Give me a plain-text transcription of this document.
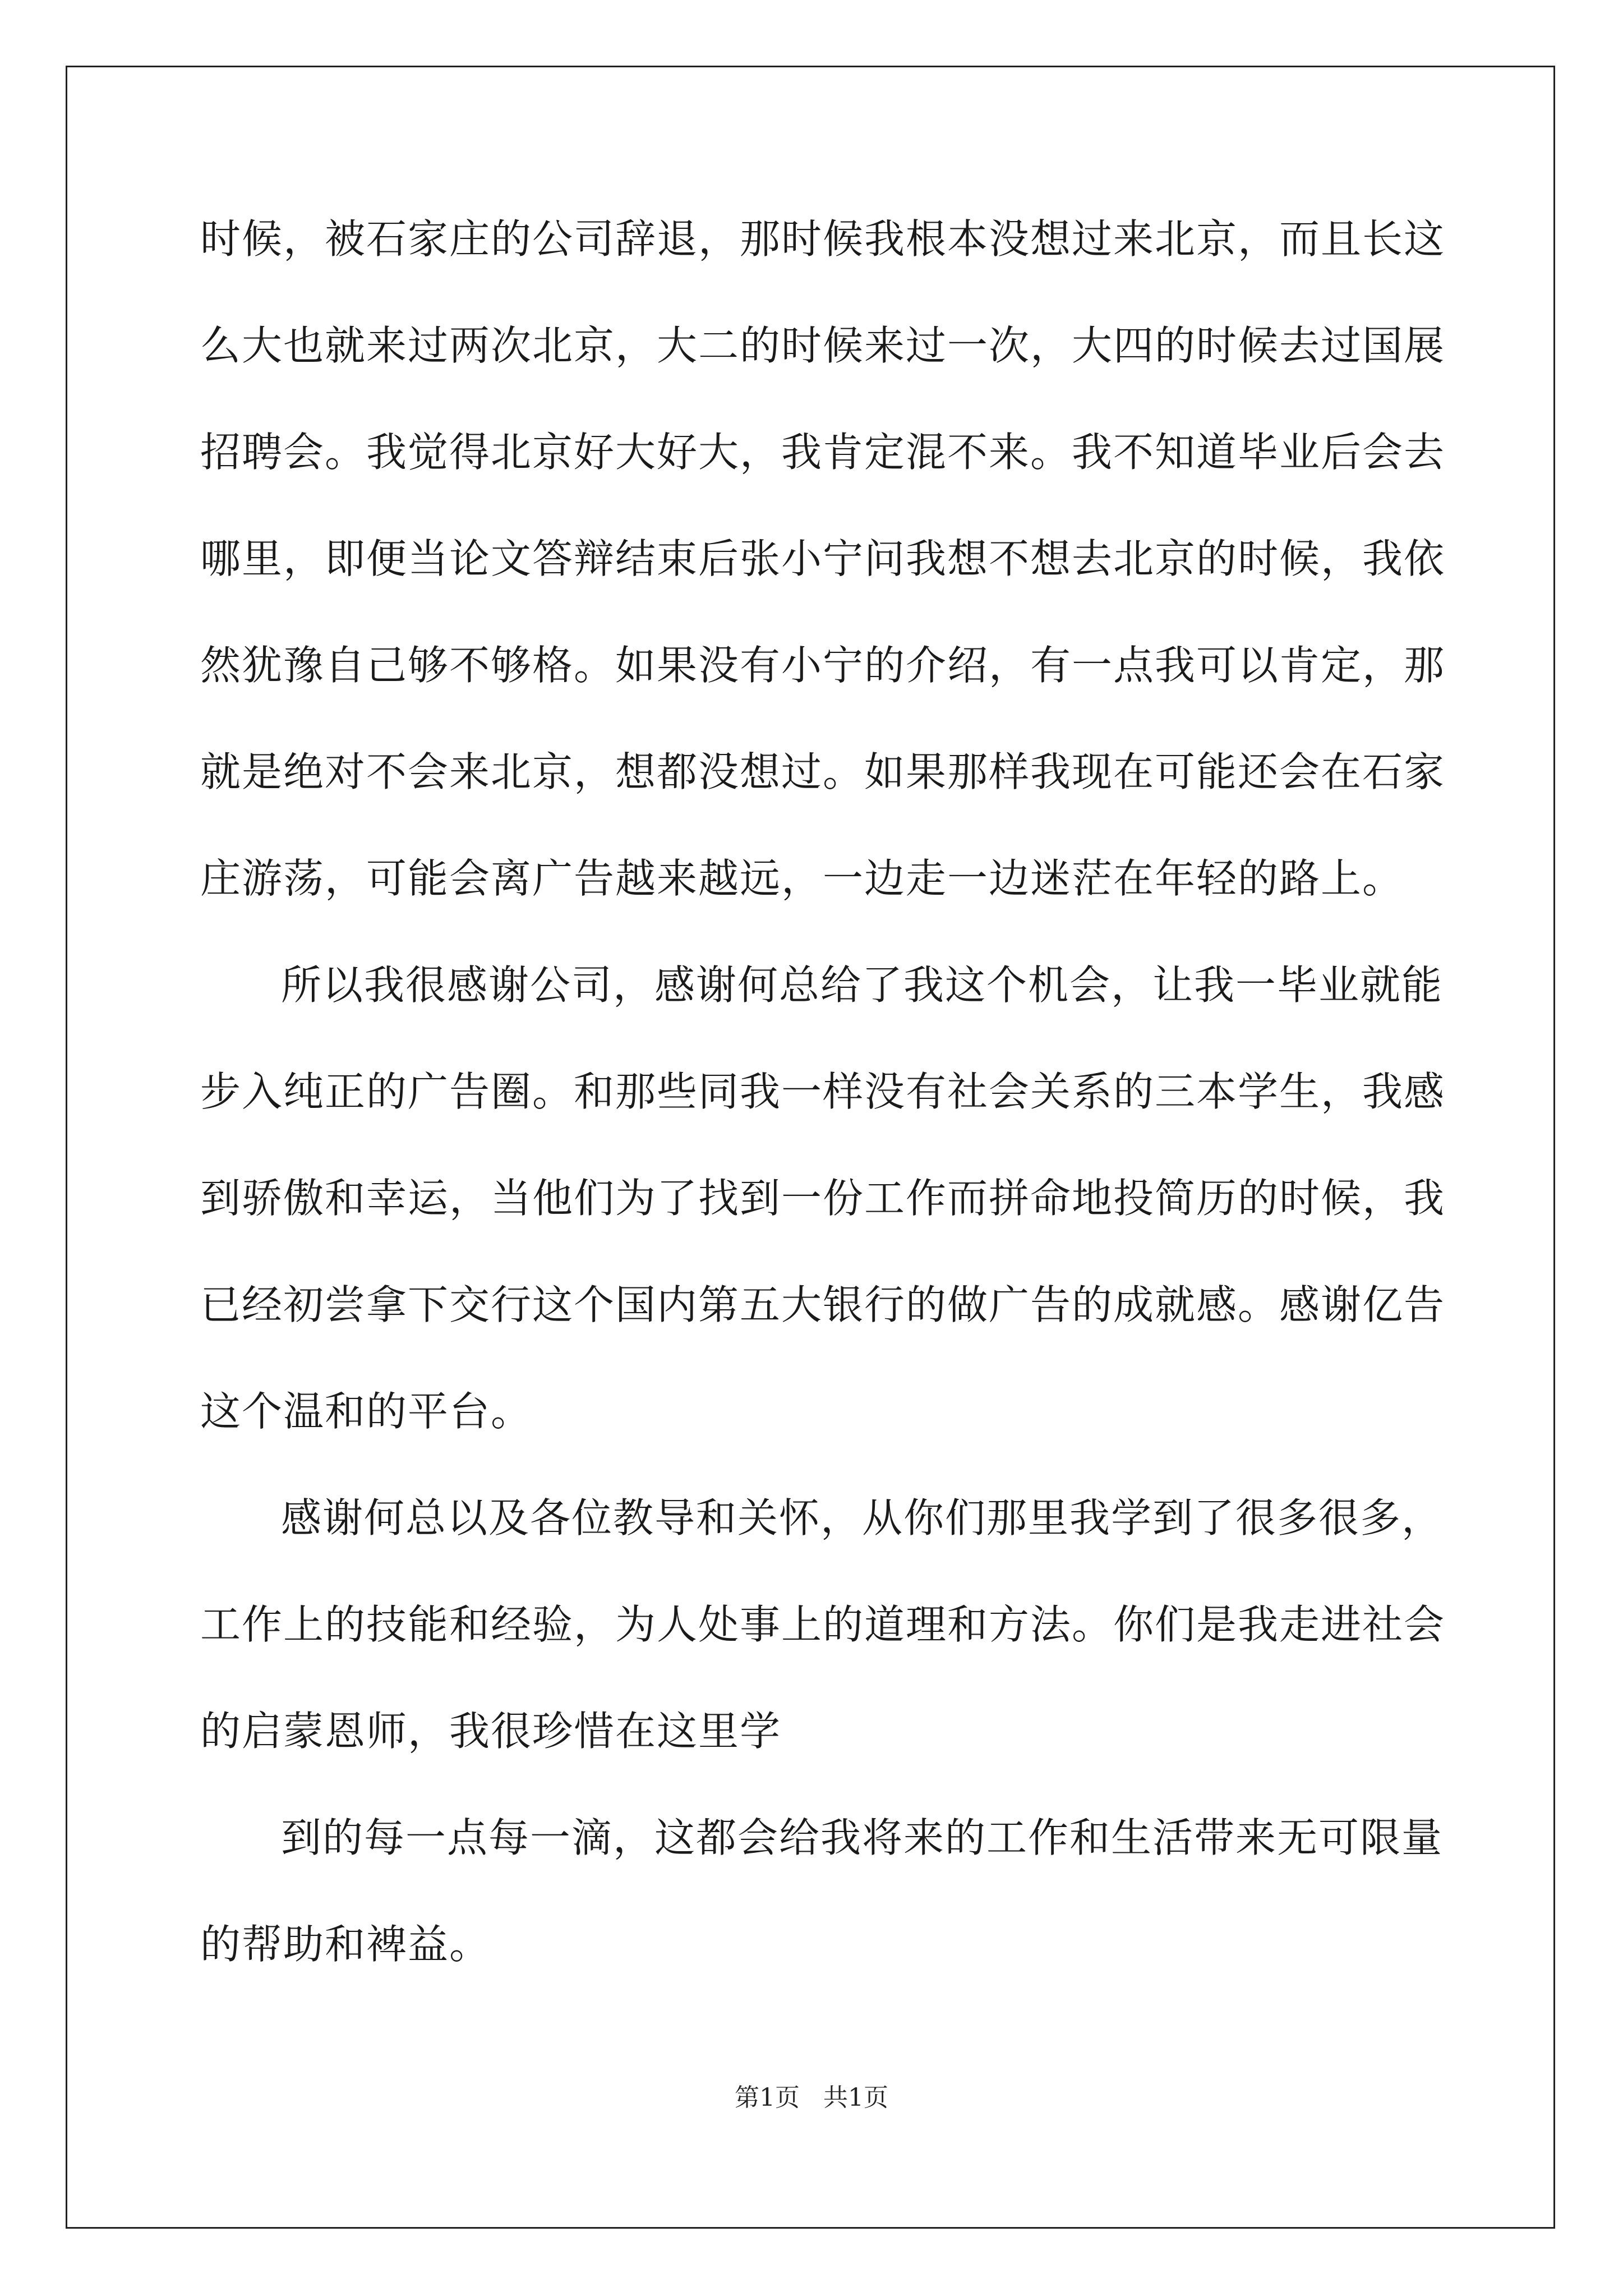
时候，被石家庄的公司辞退，那时候我根本没想过来北京，而且长这
么大也就来过两次北京，大二的时候来过一次，大四的时候去过国展
招聘会。我觉得北京好大好大，我肯定混不来。我不知道毕业后会去
哪里，即便当论文答辩结束后张小宁问我想不想去北京的时候，我依
然犹豫自己够不够格。如果没有小宁的介绍，有一点我可以肯定，那
就是绝对不会来北京，想都没想过。如果那样我现在可能还会在石家
庄游荡，可能会离广告越来越远，一边走一边迷茫在年轻的路上。
所以我很感谢公司，感谢何总给了我这个机会，让我一毕业就能
步入纯正的广告圈。和那些同我一样没有社会关系的三本学生，我感
到骄傲和幸运，当他们为了找到一份工作而拼命地投简历的时候，我
已经初尝拿下交行这个国内第五大银行的做广告的成就感。感谢亿告
这个温和的平台。
感谢何总以及各位教导和关怀，从你们那里我学到了很多很多，
工作上的技能和经验，为人处事上的道理和方法。你们是我走进社会
的启蒙恩师，我很珍惜在这里学
到的每一点每一滴，这都会给我将来的工作和生活带来无可限量
的帮助和裨益。
第1页   共1页
